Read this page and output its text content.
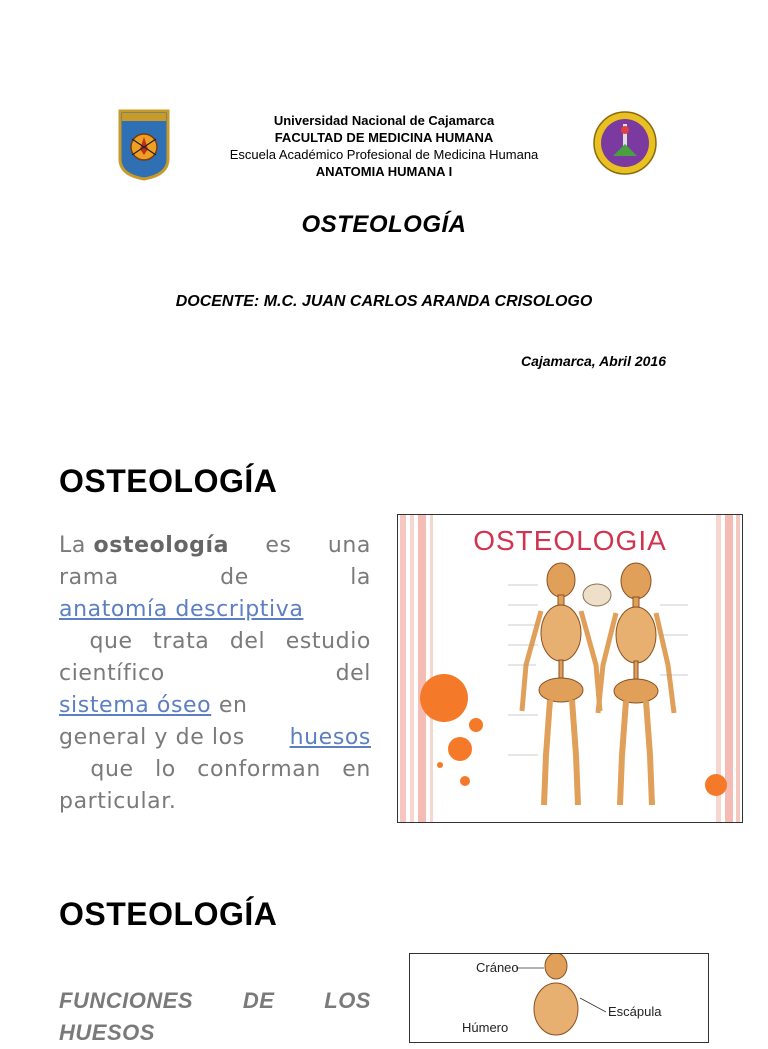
Universidad Nacional de Cajamarca
FACULTAD DE MEDICINA HUMANA
Escuela Académico Profesional de Medicina Humana
ANATOMIA HUMANA I
OSTEOLOGÍA
DOCENTE: M.C. JUAN CARLOS ARANDA CRISOLOGO
Cajamarca, Abril 2016
OSTEOLOGÍA
La osteología es una
rama	de	la
anatomía descriptiva
que trata del estudio
científico	del
sistema óseo
en
general y de los huesos
que lo conforman en
particular.
OSTEOLOGIA
OSTEOLOGÍA
FUNCIONES DE LOS
HUESOS
Cráneo
Escápula
Húmero
